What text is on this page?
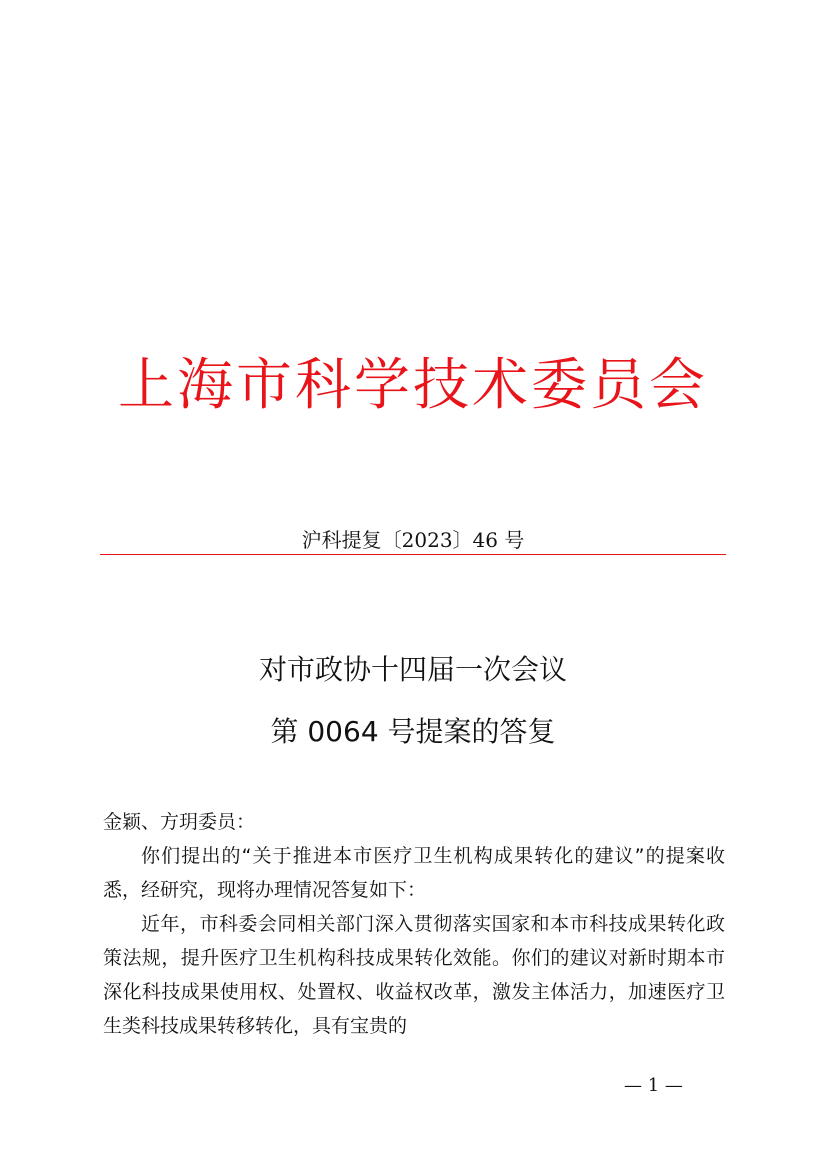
上海市科学技术委员会
沪科提复〔2023〕46 号
对市政协十四届一次会议
第 0064 号提案的答复

金颖、方玥委员：

你们提出的“关于推进本市医疗卫生机构成果转化的建议”的提案收悉，经研究，现将办理情况答复如下：

近年，市科委会同相关部门深入贯彻落实国家和本市科技成果转化政策法规，提升医疗卫生机构科技成果转化效能。你们的建议对新时期本市深化科技成果使用权、处置权、收益权改革，激发主体活力，加速医疗卫生类科技成果转移转化，具有宝贵的

— 1 —
